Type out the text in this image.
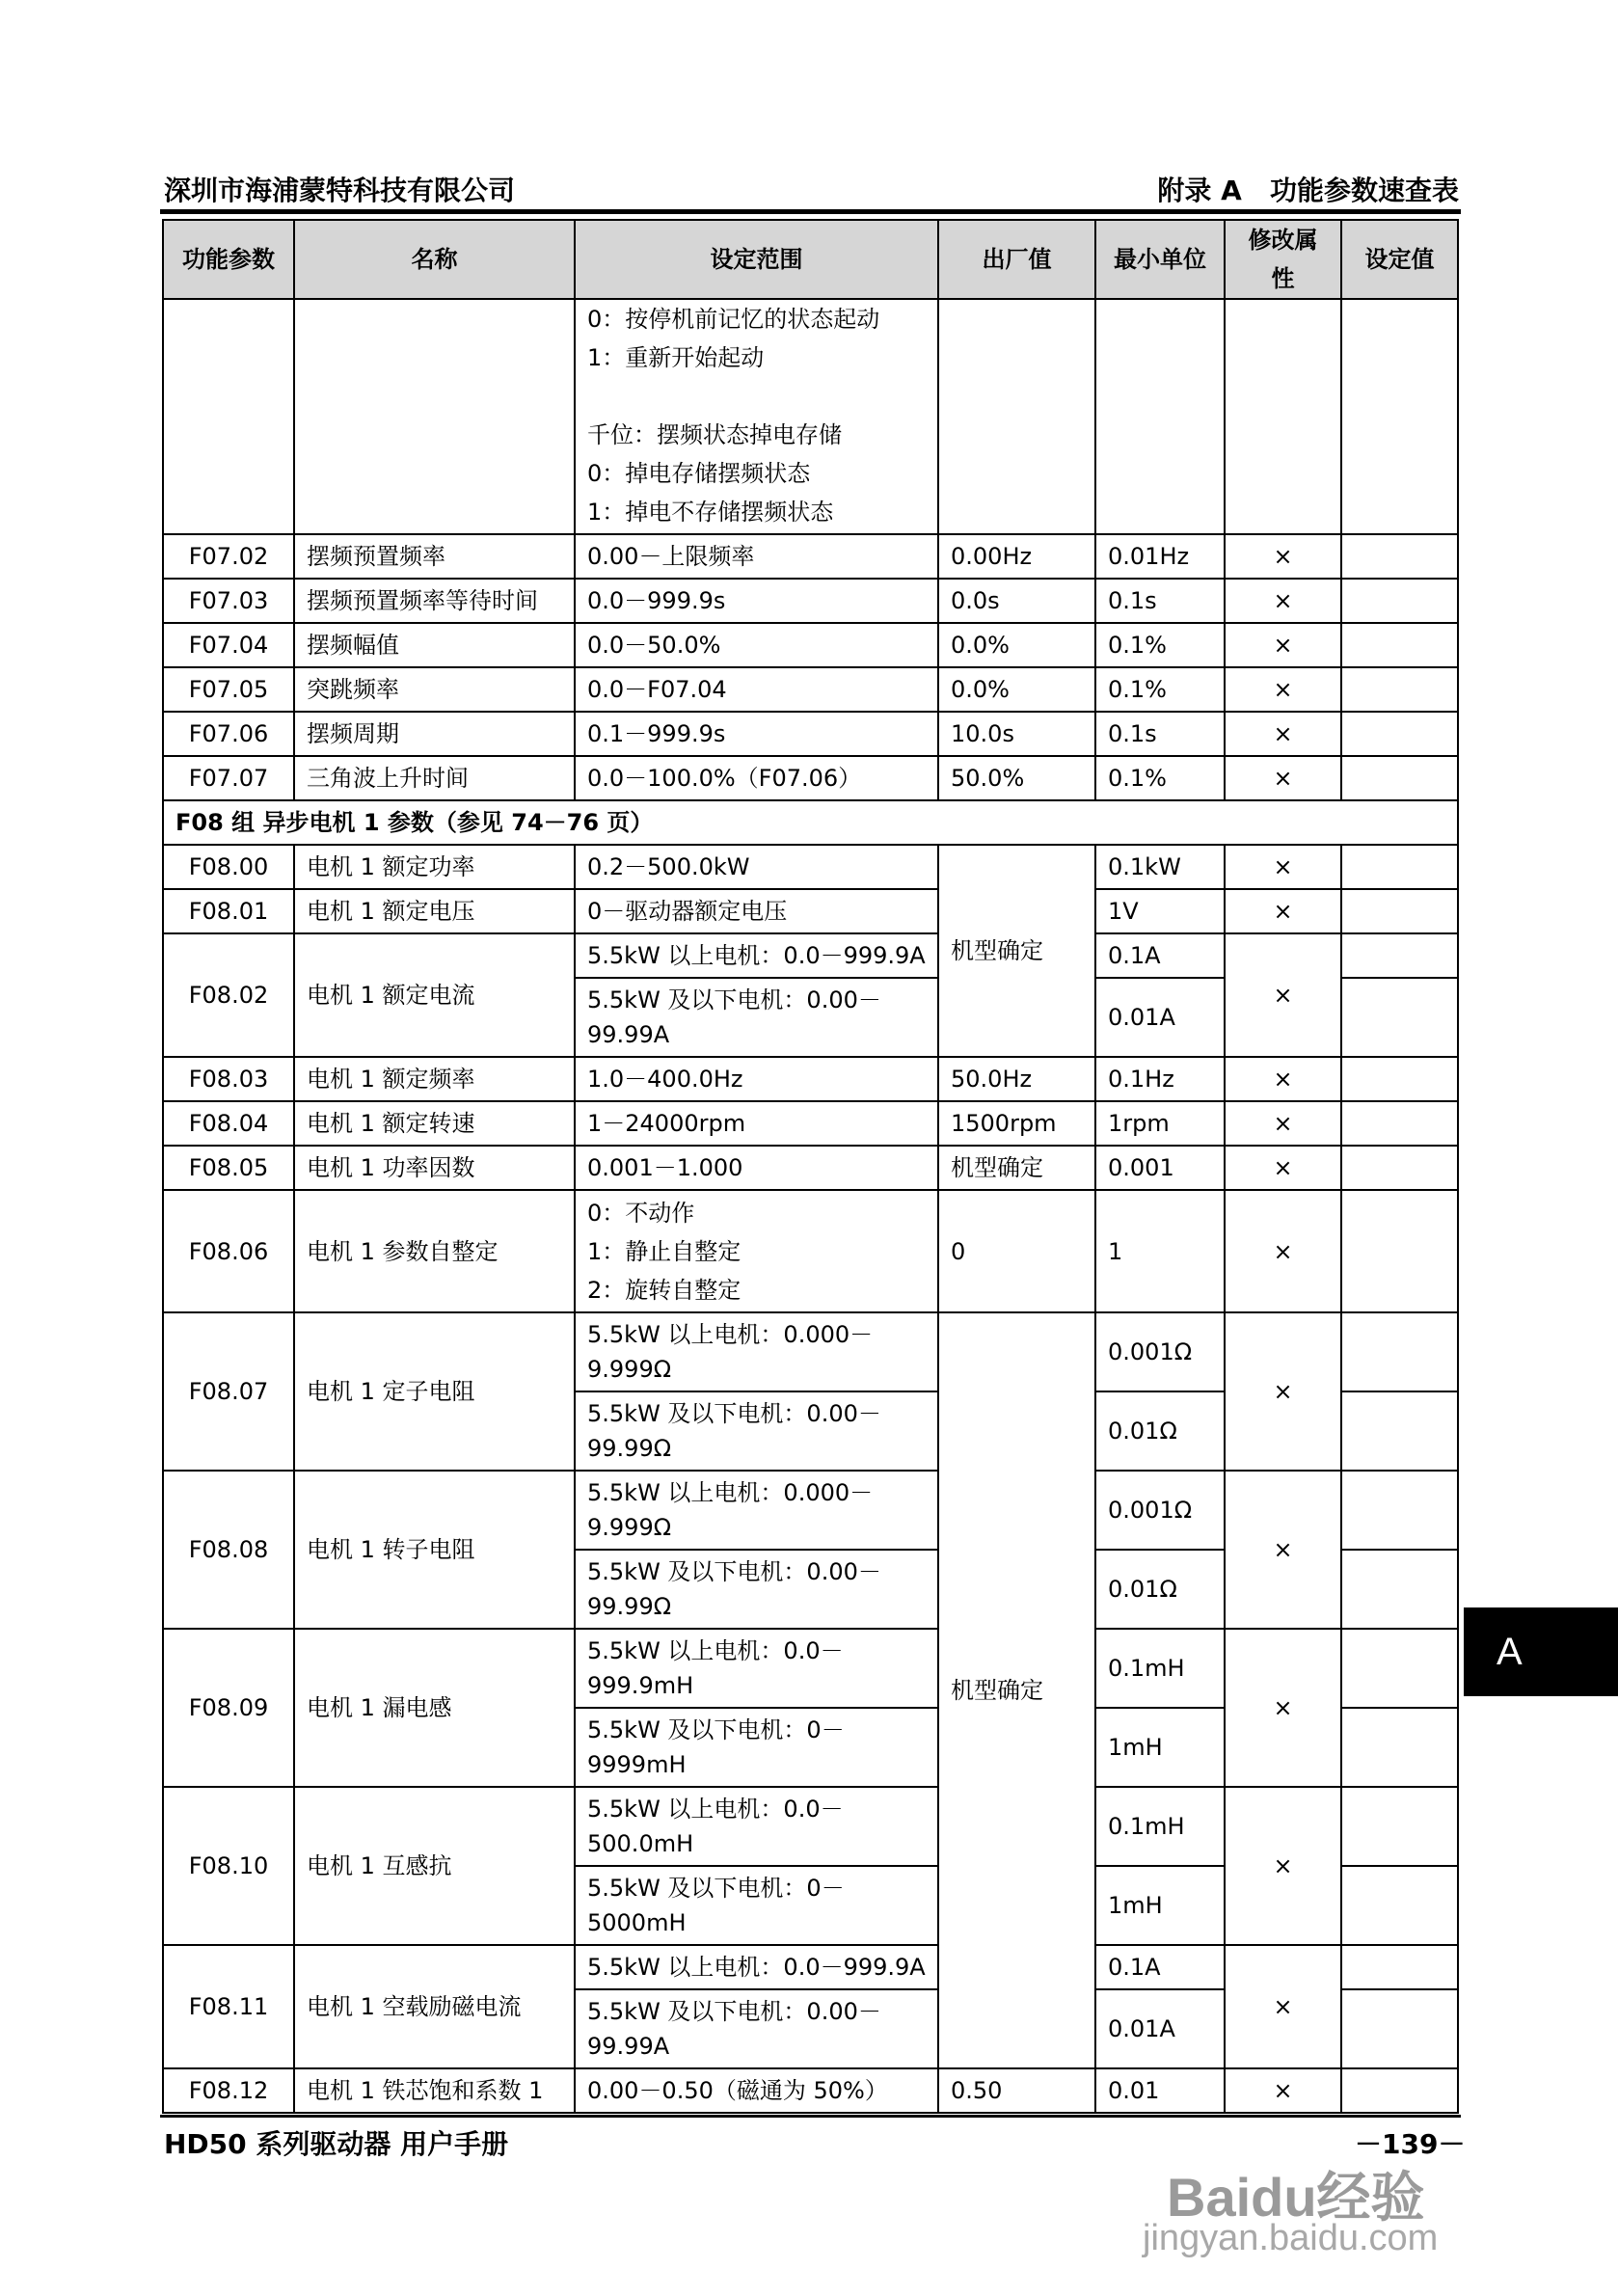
深圳市海浦蒙特科技有限公司	附录 A   功能参数速查表
功能参数	名称	设定范围	出厂值	最小单位	修改属性	设定值

		0：按停机前记忆的状态起动
1：重新开始起动
千位：摆频状态掉电存储
0：掉电存储摆频状态
1：掉电不存储摆频状态				

F07.02	摆频预置频率	0.00－上限频率	0.00Hz	0.01Hz	×	
F07.03	摆频预置频率等待时间	0.0－999.9s	0.0s	0.1s	×	
F07.04	摆频幅值	0.0－50.0%	0.0%	0.1%	×	
F07.05	突跳频率	0.0－F07.04	0.0%	0.1%	×	
F07.06	摆频周期	0.1－999.9s	10.0s	0.1s	×	
F07.07	三角波上升时间	0.0－100.0%（F07.06）	50.0%	0.1%	×	
F08 组 异步电机 1 参数（参见 74－76 页）						
F08.00	电机 1 额定功率	0.2－500.0kW	机型确定	0.1kW	×	
F08.01	电机 1 额定电压	0－驱动器额定电压		1V	×	
F08.02	电机 1 额定电流	5.5kW 以上电机：0.0－999.9A		0.1A	×	
		5.5kW 及以下电机：0.00－99.99A		0.01A		
F08.03	电机 1 额定频率	1.0－400.0Hz	50.0Hz	0.1Hz	×	
F08.04	电机 1 额定转速	1－24000rpm	1500rpm	1rpm	×	
F08.05	电机 1 功率因数	0.001－1.000	机型确定	0.001	×	
F08.06	电机 1 参数自整定	0：不动作
1：静止自整定
2：旋转自整定	0	1	×	
F08.07	电机 1 定子电阻	5.5kW 以上电机：0.000－9.999Ω	机型确定	0.001Ω	×	
		5.5kW 及以下电机：0.00－99.99Ω		0.01Ω		
F08.08	电机 1 转子电阻	5.5kW 以上电机：0.000－9.999Ω		0.001Ω	×	
		5.5kW 及以下电机：0.00－99.99Ω		0.01Ω		
F08.09	电机 1 漏电感	5.5kW 以上电机：0.0－999.9mH		0.1mH	×	
		5.5kW 及以下电机：0－9999mH		1mH		
F08.10	电机 1 互感抗	5.5kW 以上电机：0.0－500.0mH		0.1mH	×	
		5.5kW 及以下电机：0－5000mH		1mH		
F08.11	电机 1 空载励磁电流	5.5kW 以上电机：0.0－999.9A		0.1A	×	
		5.5kW 及以下电机：0.00－99.99A		0.01A		
F08.12	电机 1 铁芯饱和系数 1	0.00－0.50（磁通为 50%）	0.50	0.01	×	
A
HD50 系列驱动器 用户手册	－139－
Baidu经验
jingyan.baidu.com
